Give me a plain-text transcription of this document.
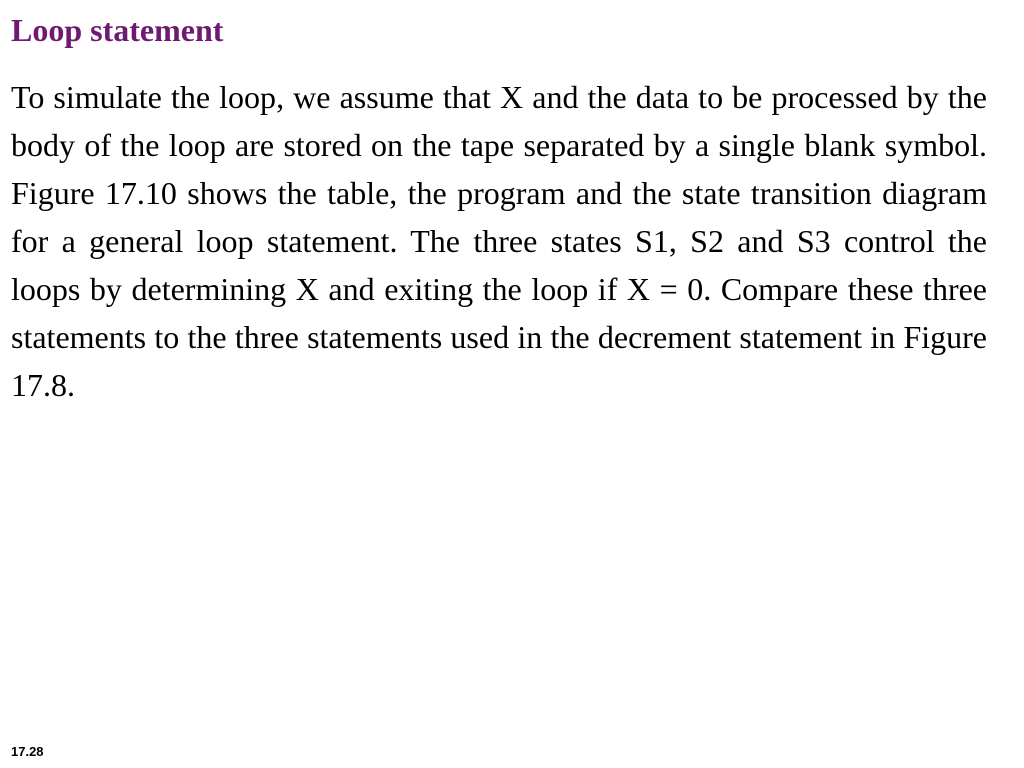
Loop statement

To simulate the loop, we assume that X and the data to be processed by the body of the loop are stored on the tape separated by a single blank symbol. Figure 17.10 shows the table, the program and the state transition diagram for a general loop statement. The three states S1, S2 and S3 control the loops by determining X and exiting the loop if X = 0. Compare these three statements to the three statements used in the decrement statement in Figure 17.8.

17.28
